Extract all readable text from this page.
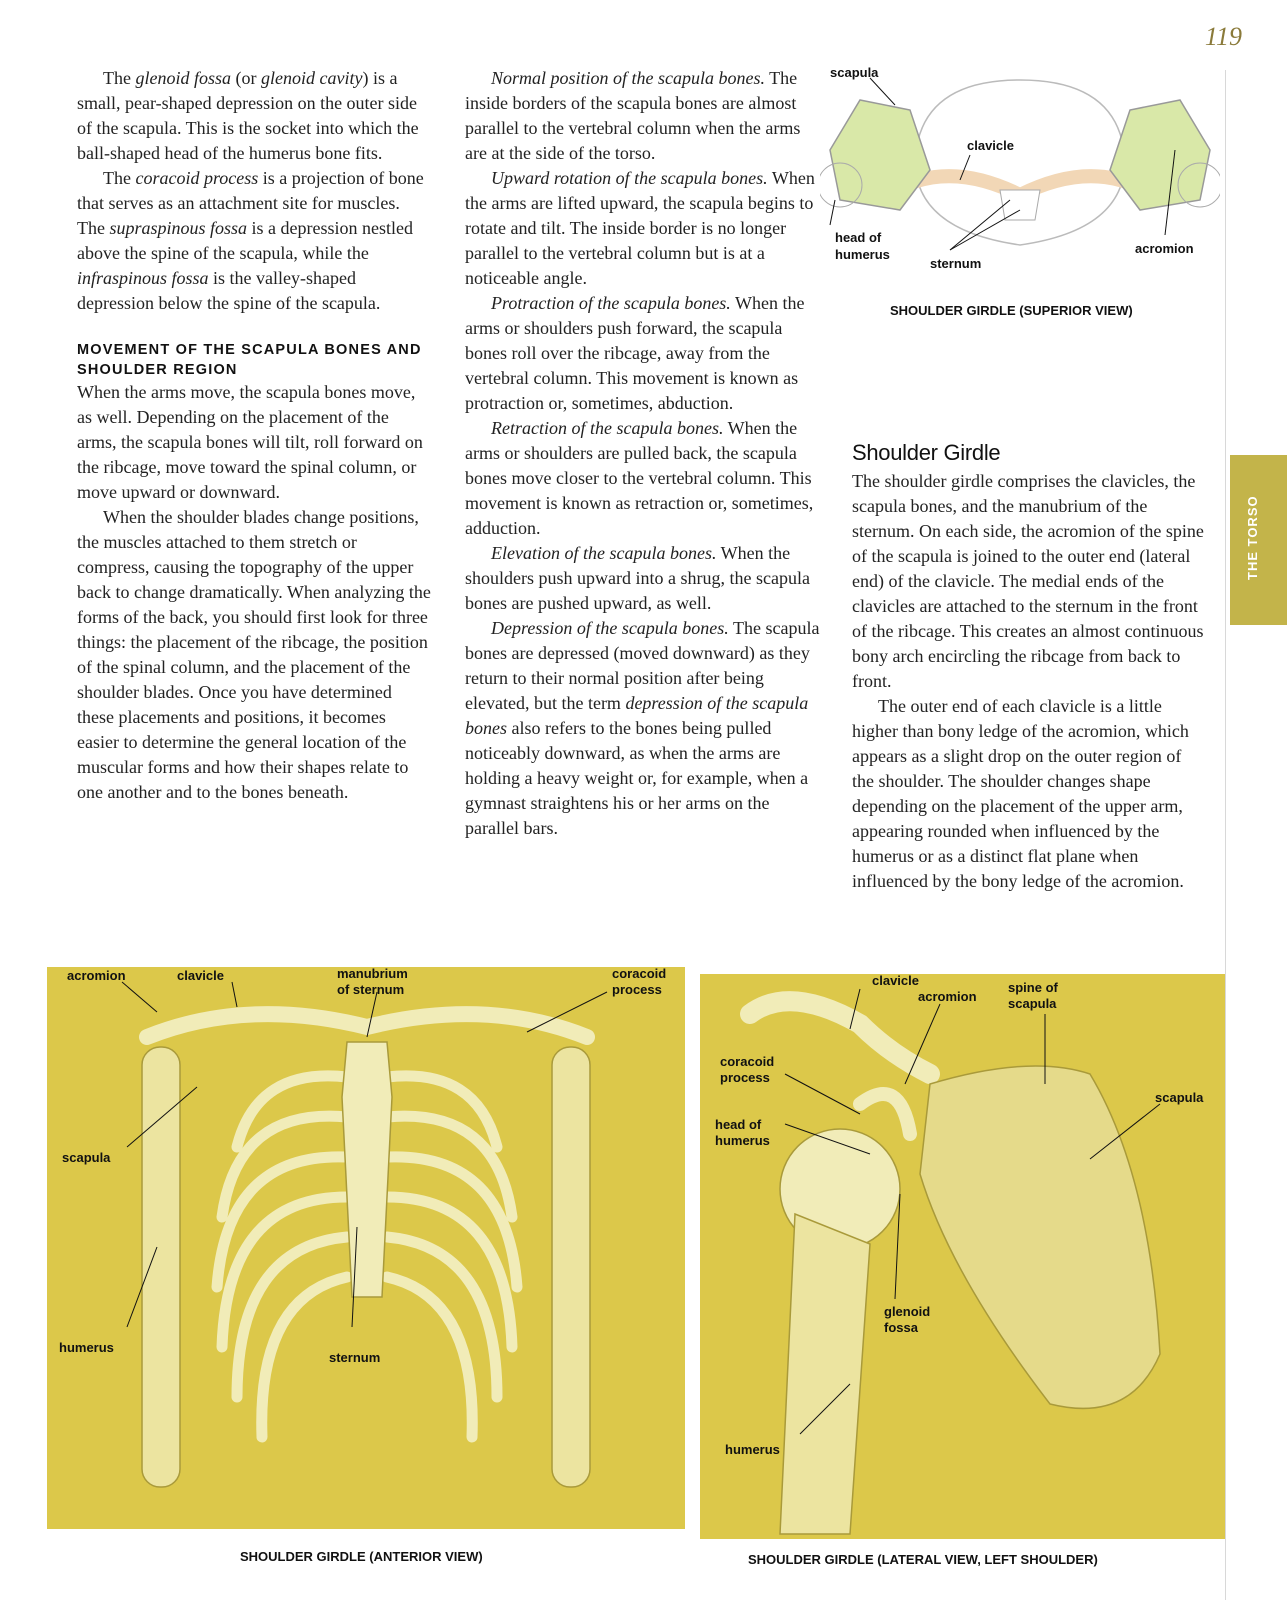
119
THE TORSO

The glenoid fossa (or glenoid cavity) is a small, pear-shaped depression on the outer side of the scapula. This is the socket into which the ball-shaped head of the humerus bone fits.

The coracoid process is a projection of bone that serves as an attachment site for muscles. The supraspinous fossa is a depression nestled above the spine of the scapula, while the infraspinous fossa is the valley-shaped depression below the spine of the scapula.

MOVEMENT OF THE SCAPULA BONES AND SHOULDER REGION

When the arms move, the scapula bones move, as well. Depending on the placement of the arms, the scapula bones will tilt, roll forward on the ribcage, move toward the spinal column, or move upward or downward.

When the shoulder blades change positions, the muscles attached to them stretch or compress, causing the topography of the upper back to change dramatically. When analyzing the forms of the back, you should first look for three things: the placement of the ribcage, the position of the spinal column, and the placement of the shoulder blades. Once you have determined these placements and positions, it becomes easier to determine the general location of the muscular forms and how their shapes relate to one another and to the bones beneath.

Normal position of the scapula bones. The inside borders of the scapula bones are almost parallel to the vertebral column when the arms are at the side of the torso.

Upward rotation of the scapula bones. When the arms are lifted upward, the scapula begins to rotate and tilt. The inside border is no longer parallel to the vertebral column but is at a noticeable angle.

Protraction of the scapula bones. When the arms or shoulders push forward, the scapula bones roll over the ribcage, away from the vertebral column. This movement is known as protraction or, sometimes, abduction.

Retraction of the scapula bones. When the arms or shoulders are pulled back, the scapula bones move closer to the vertebral column. This movement is known as retraction or, sometimes, adduction.

Elevation of the scapula bones. When the shoulders push upward into a shrug, the scapula bones are pushed upward, as well.

Depression of the scapula bones. The scapula bones are depressed (moved downward) as they return to their normal position after being elevated, but the term depression of the scapula bones also refers to the bones being pulled noticeably downward, as when the arms are holding a heavy weight or, for example, when a gymnast straightens his or her arms on the parallel bars.

Shoulder Girdle

The shoulder girdle comprises the clavicles, the scapula bones, and the manubrium of the sternum. On each side, the acromion of the spine of the scapula is joined to the outer end (lateral end) of the clavicle. The medial ends of the clavicles are attached to the sternum in the front of the ribcage. This creates an almost continuous bony arch encircling the ribcage from back to front.

The outer end of each clavicle is a little higher than bony ledge of the acromion, which appears as a slight drop on the outer region of the shoulder. The shoulder changes shape depending on the placement of the upper arm, appearing rounded when influenced by the humerus or as a distinct flat plane when influenced by the bony ledge of the acromion.

scapula
clavicle
head of
humerus
sternum
acromion
SHOULDER GIRDLE (SUPERIOR VIEW)
acromion	clavicle	manubrium
of sternum
coracoid
process
scapula
humerus
sternum
SHOULDER GIRDLE (ANTERIOR VIEW)
clavicle
acromion
spine of
scapula
coracoid
process
scapula
head of
humerus
glenoid
fossa
humerus
SHOULDER GIRDLE (LATERAL VIEW, LEFT SHOULDER)
